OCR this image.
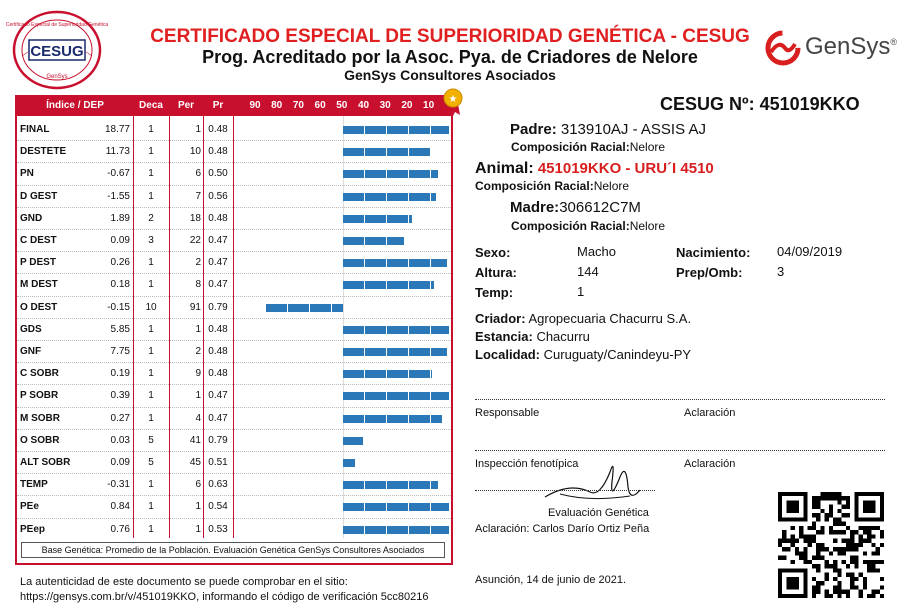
CESUG
Certificado Especial de Superioridad Genética
GenSys
CERTIFICADO ESPECIAL DE SUPERIORIDAD GENÉTICA - CESUG
Prog. Acreditado por la Asoc. Pya. de Criadores de Nelore
GenSys Consultores Asociados
GenSys®
Índice / DEP	Deca	Per	Pr	90	80	70	60	50	40	30	20	10
FINAL	18.77	1	1 0.48
DESTETE	11.73	1	10 0.48
PN	-0.67	1	6 0.50
D GEST	-1.55	1	7 0.56
GND	1.89	2	18 0.48
C DEST	0.09	3	22 0.47
P DEST	0.26	1	2 0.47
M DEST	0.18	1	8 0.47
O DEST	-0.15	10	91 0.79
GDS	5.85	1	1 0.48
GNF	7.75	1	2 0.48
C SOBR	0.19	1	9 0.48
P SOBR	0.39	1	1 0.47
M SOBR	0.27	1	4 0.47
O SOBR	0.03	5	41 0.79
ALT SOBR	0.09	5	45 0.51
TEMP	-0.31	1	6 0.63
PEe	0.84	1	1 0.54
PEep	0.76	1	1 0.53
Base Genética: Promedio de la Población. Evaluación Genética GenSys Consultores Asociados
★	CESUG Nº: 451019KKO
Padre: 313910AJ - ASSIS AJ
Composición Racial:Nelore
Animal: 451019KKO - URU´I 4510
Composición Racial:Nelore
Madre:306612C7M
Composición Racial:Nelore
Sexo:	Macho	Nacimiento: 04/09/2019
Altura:	144	Prep/Omb:	3
Temp:	1
Criador: Agropecuaria Chacurru S.A.
Estancia: Chacurru
Localidad: Curuguaty/Canindeyu-PY
Responsable	Aclaración
Inspección fenotípica	Aclaración
Evaluación Genética
Aclaración: Carlos Darío Ortiz Peña
Asunción, 14 de junio de 2021.
La autenticidad de este documento se puede comprobar en el sitio:
https://gensys.com.br/v/451019KKO, informando el código de verificación 5cc80216
